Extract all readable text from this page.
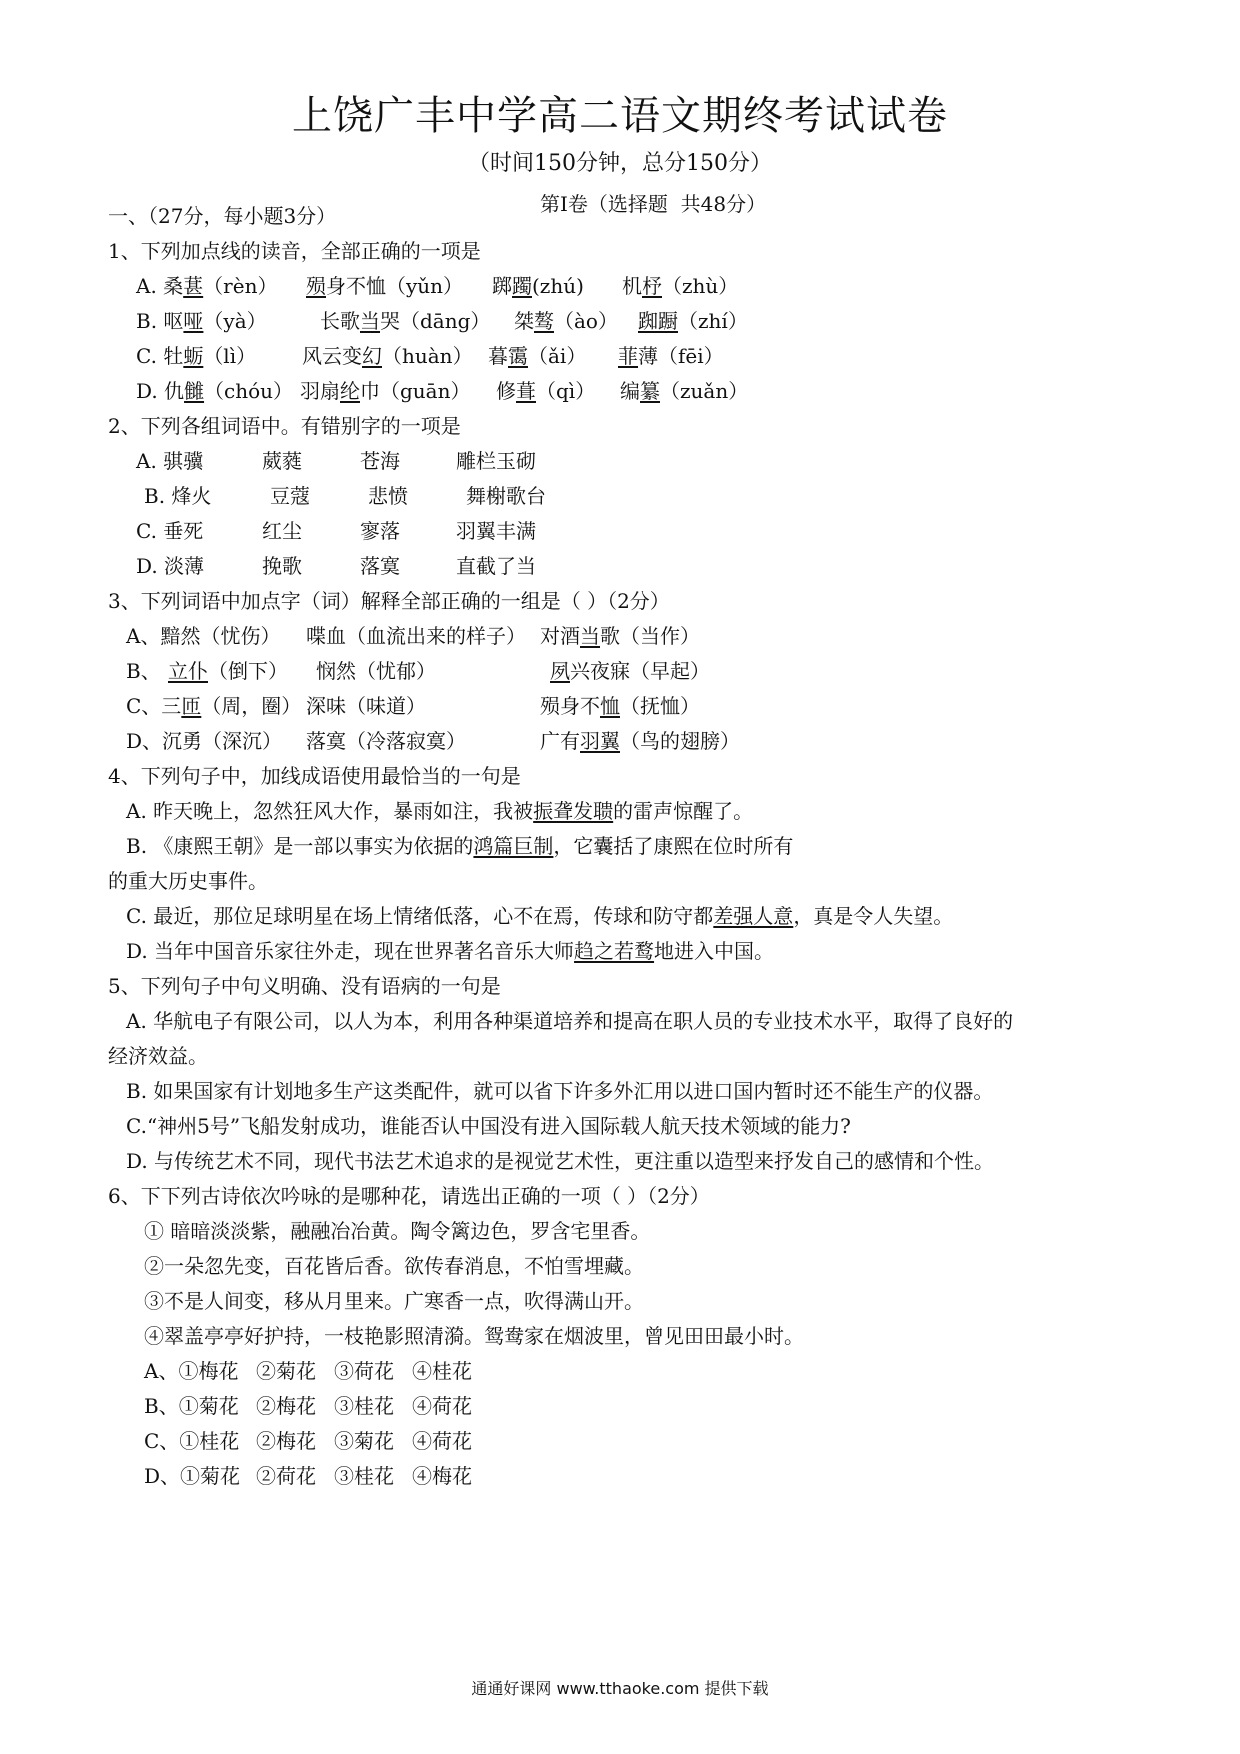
上饶广丰中学高二语文期终考试试卷
（时间150分钟，总分150分）
第I卷（选择题  共48分）
一、（27分，每小题3分）
1、下列加点线的读音，全部正确的一项是
A. 桑葚（rèn） 殒身不恤（yǔn） 踯躅(zhú) 机杼（zhù）
B. 呕哑（yà）	长歌当哭（dāng） 桀骜（ào） 踟蹰（zhí）
C. 牡蛎（lì） 风云变幻（huàn） 暮霭（ǎi） 菲薄（fēi）
D. 仇雠（chóu） 羽扇纶巾（guān） 修葺（qì） 编纂（zuǎn）
2、下列各组词语中。有错别字的一项是
A. 骐骥	葳蕤	苍海	雕栏玉砌
B. 烽火	豆蔻	悲愤	舞榭歌台
C. 垂死	红尘	寥落	羽翼丰满
D. 淡薄	挽歌	落寞	直截了当
3、下列词语中加点字（词）解释全部正确的一组是（ ）（2分）
A、黯然（忧伤） 喋血（血流出来的样子） 对酒当歌（当作）
B、 立仆（倒下） 悯然（忧郁）	夙兴夜寐（早起）
C、三匝（周，圈） 深味（味道）	殒身不恤（抚恤）
D、沉勇（深沉） 落寞（冷落寂寞）	广有羽翼（鸟的翅膀）
4、下列句子中，加线成语使用最恰当的一句是
A. 昨天晚上，忽然狂风大作，暴雨如注，我被振聋发聩的雷声惊醒了。
B. 《康熙王朝》是一部以事实为依据的鸿篇巨制，它囊括了康熙在位时所有
的重大历史事件。
C. 最近，那位足球明星在场上情绪低落，心不在焉，传球和防守都差强人意，真是令人失望。
D. 当年中国音乐家往外走，现在世界著名音乐大师趋之若鹜地进入中国。
5、下列句子中句义明确、没有语病的一句是
A. 华航电子有限公司，以人为本，利用各种渠道培养和提高在职人员的专业技术水平，取得了良好的
经济效益。
B. 如果国家有计划地多生产这类配件，就可以省下许多外汇用以进口国内暂时还不能生产的仪器。
C.“神州5号”飞船发射成功，谁能否认中国没有进入国际载人航天技术领域的能力?
D. 与传统艺术不同，现代书法艺术追求的是视觉艺术性，更注重以造型来抒发自己的感情和个性。
6、下下列古诗依次吟咏的是哪种花，请选出正确的一项（ ）（2分）
① 暗暗淡淡紫，融融冶冶黄。陶令篱边色，罗含宅里香。
②一朵忽先变，百花皆后香。欲传春消息，不怕雪埋藏。
③不是人间变，移从月里来。广寒香一点，吹得满山开。
④翠盖亭亭好护持，一枝艳影照清漪。鸳鸯家在烟波里，曾见田田最小时。
A、①梅花 ②菊花 ③荷花 ④桂花
B、①菊花 ②梅花 ③桂花 ④荷花
C、①桂花 ②梅花 ③菊花 ④荷花
D、①菊花 ②荷花 ③桂花 ④梅花
通通好课网 www.tthaoke.com 提供下载
